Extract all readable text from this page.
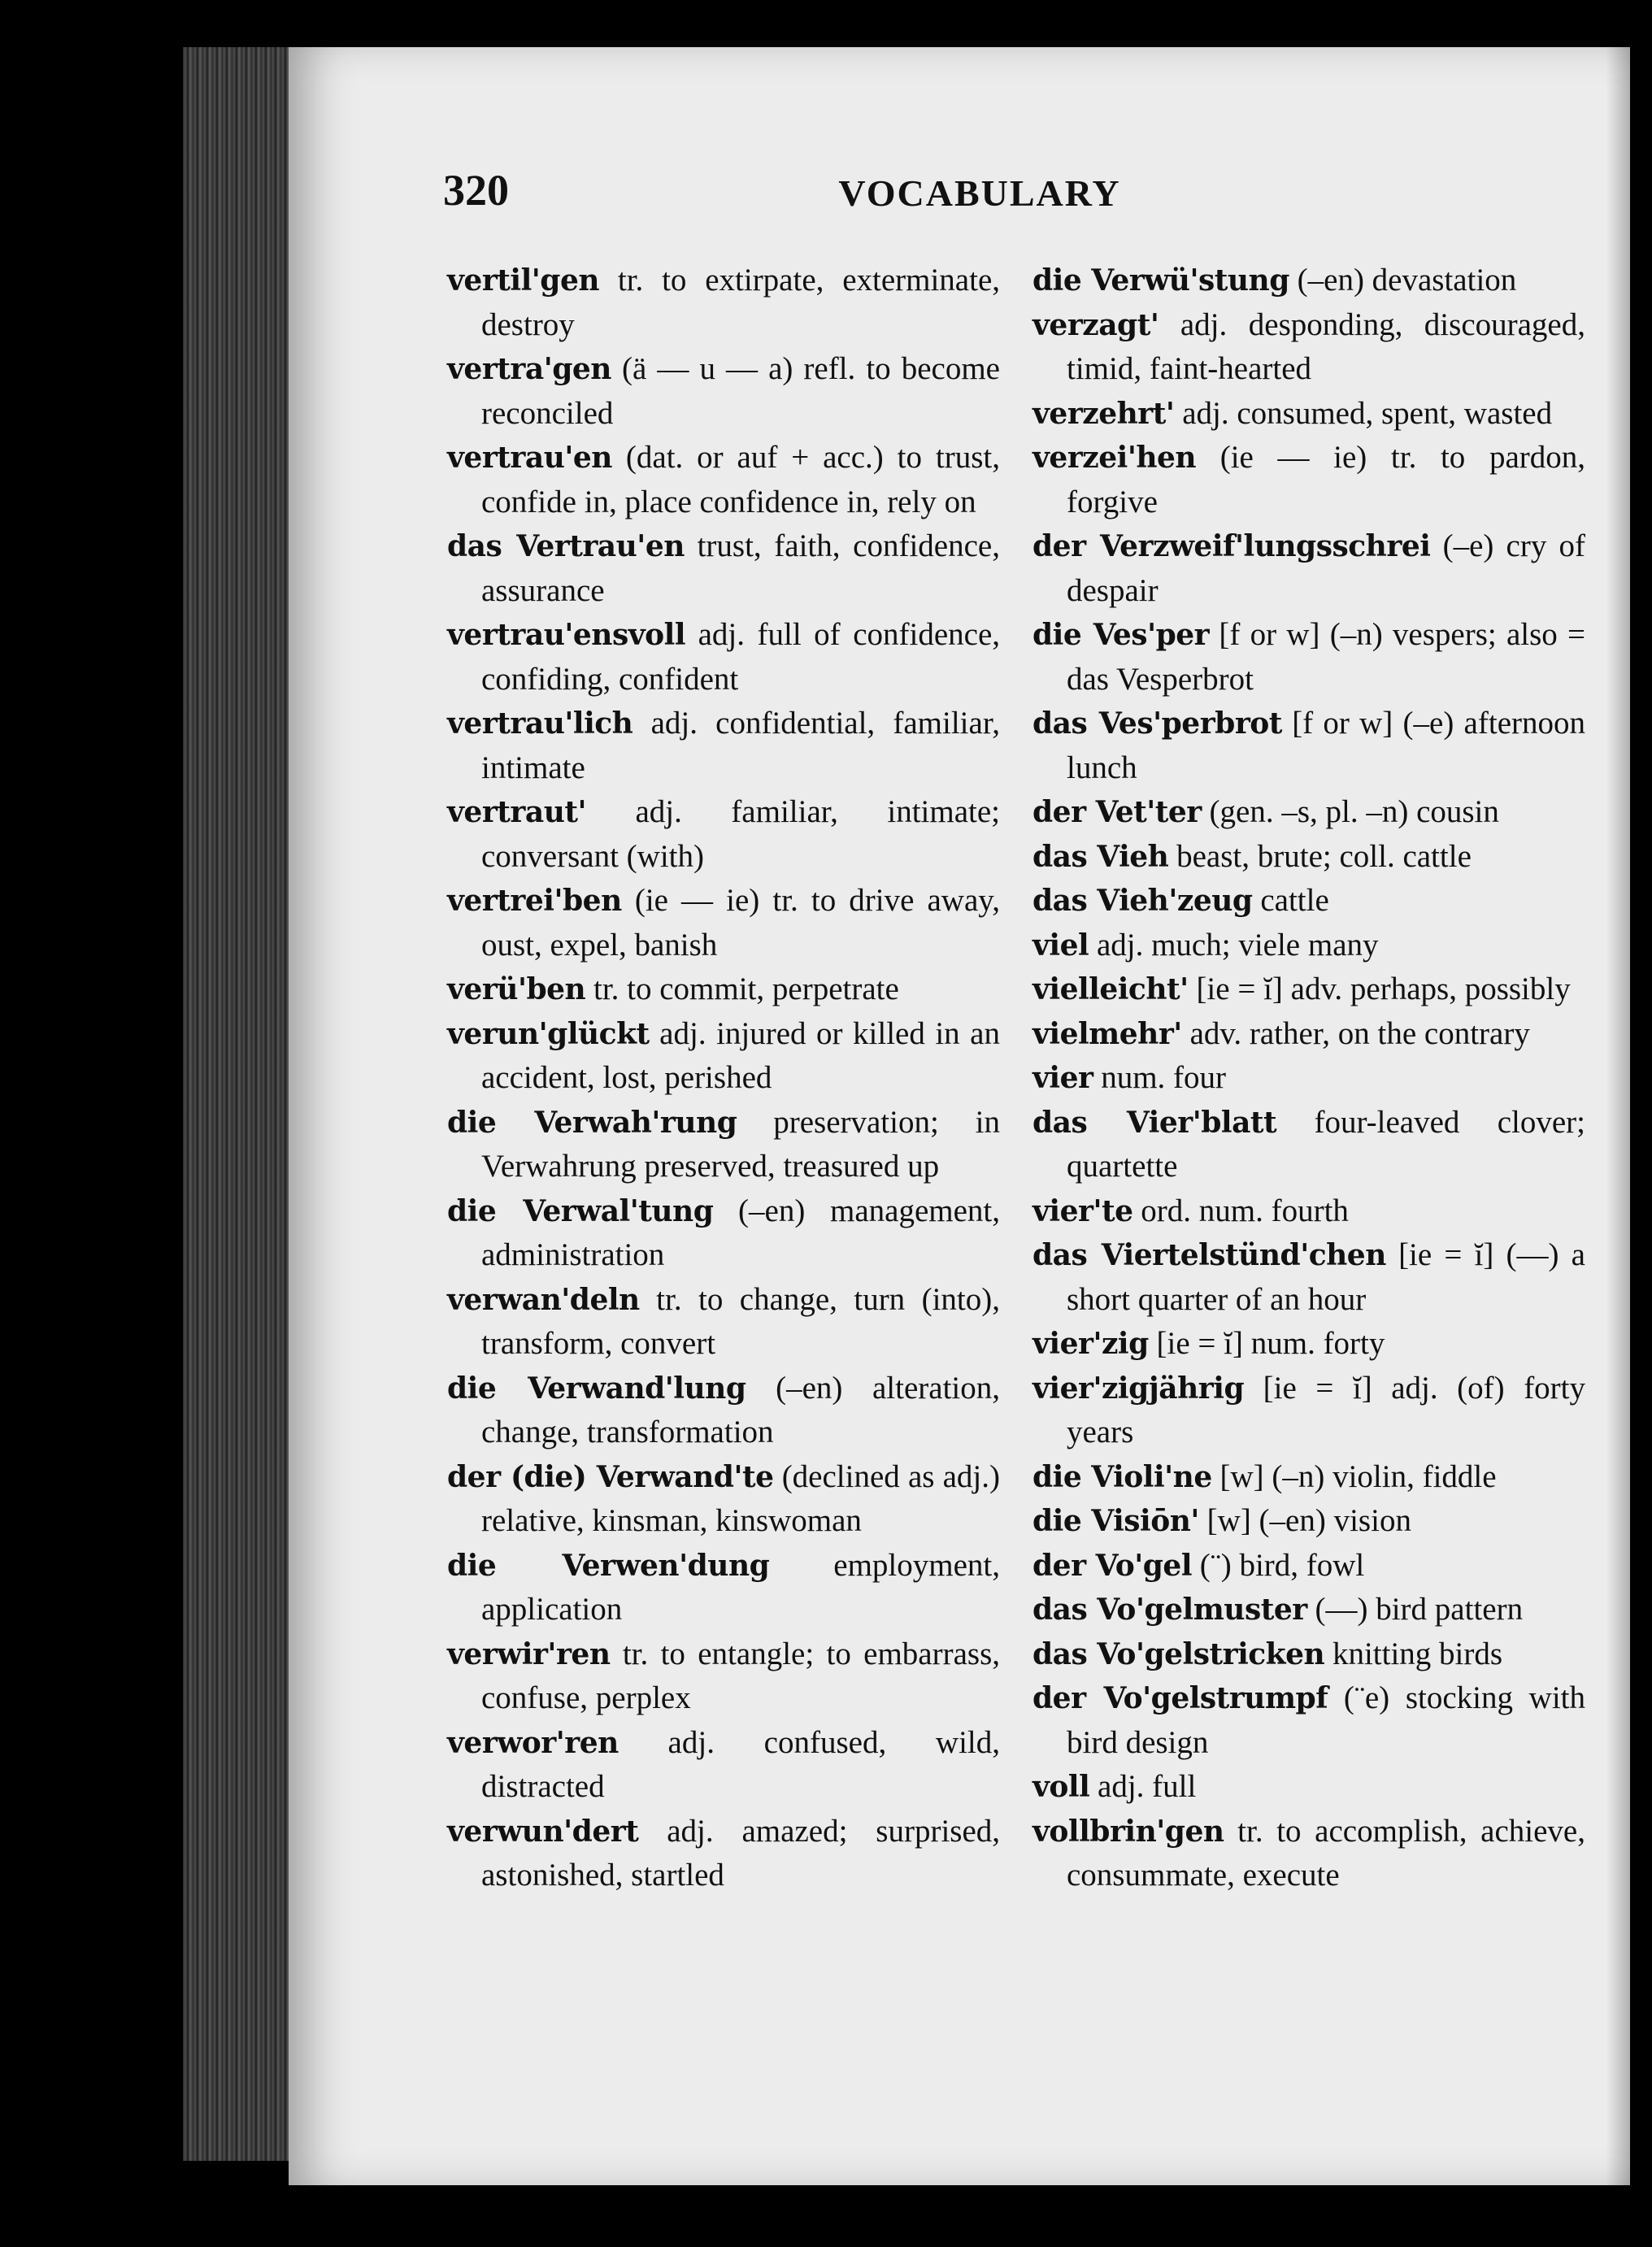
320	VOCABULARY
vertil'gen tr. to extirpate, exterminate, destroy
vertra'gen (ä — u — a) refl. to become reconciled
vertrau'en (dat. or auf + acc.) to trust, confide in, place confidence in, rely on
das Vertrau'en trust, faith, confidence, assurance
vertrau'ensvoll adj. full of confidence, confiding, confident
vertrau'lich adj. confidential, familiar, intimate
vertraut' adj. familiar, intimate; conversant (with)
vertrei'ben (ie — ie) tr. to drive away, oust, expel, banish
verü'ben tr. to commit, perpetrate
verun'glückt adj. injured or killed in an accident, lost, perished
die Verwah'rung preservation; in Verwahrung preserved, treasured up
die Verwal'tung (–en) management, administration
verwan'deln tr. to change, turn (into), transform, convert
die Verwand'lung (–en) alteration, change, transformation
der (die) Verwand'te (declined as adj.) relative, kinsman, kinswoman
die Verwen'dung employment, application
verwir'ren tr. to entangle; to embarrass, confuse, perplex
verwor'ren adj. confused, wild, distracted
verwun'dert adj. amazed; surprised, astonished, startled
die Verwü'stung (–en) devastation
verzagt' adj. desponding, discouraged, timid, faint-hearted
verzehrt' adj. consumed, spent, wasted
verzei'hen (ie — ie) tr. to pardon, forgive
der Verzweif'lungsschrei (–e) cry of despair
die Ves'per [f or w] (–n) vespers; also = das Vesperbrot
das Ves'perbrot [f or w] (–e) afternoon lunch
der Vet'ter (gen. –s, pl. –n) cousin
das Vieh beast, brute; coll. cattle
das Vieh'zeug cattle
viel adj. much; viele many
vielleicht' [ie = ĭ] adv. perhaps, possibly
vielmehr' adv. rather, on the contrary
vier num. four
das Vier'blatt four-leaved clover; quartette
vier'te ord. num. fourth
das Viertelstünd'chen [ie = ĭ] (—) a short quarter of an hour
vier'zig [ie = ĭ] num. forty
vier'zigjährig [ie = ĭ] adj. (of) forty years
die Violi'ne [w] (–n) violin, fiddle
die Visiōn' [w] (–en) vision
der Vo'gel (¨) bird, fowl
das Vo'gelmuster (—) bird pattern
das Vo'gelstricken knitting birds
der Vo'gelstrumpf (¨e) stocking with bird design
voll adj. full
vollbrin'gen tr. to accomplish, achieve, consummate, execute
